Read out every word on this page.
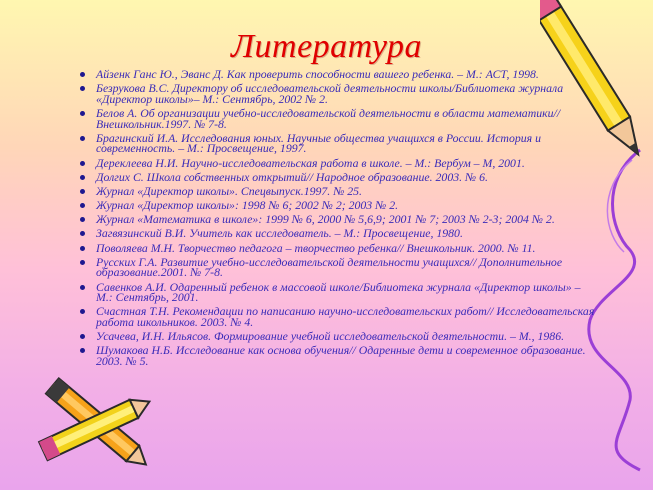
Литература
Айзенк Ганс Ю., Эванс Д. Как проверить способности вашего ребенка. – М.: АСТ, 1998.
Безрукова В.С. Директору об исследовательской деятельности школы/Библиотека журнала «Директор школы»– М.: Сентябрь, 2002 № 2.
Белов А. Об организации учебно-исследовательской деятельности в области математики// Внешкольник.1997. № 7-8.
Брагинский И.А. Исследования юных. Научные общества учащихся в России. История и современность. – М.: Просвещение, 1997.
Дереклеева Н.И. Научно-исследовательская работа в школе. – М.: Вербум – М, 2001.
Долгих С. Школа собственных открытий// Народное образование. 2003. № 6.
Журнал «Директор школы». Спецвыпуск.1997. № 25.
Журнал «Директор школы»: 1998 № 6; 2002 № 2; 2003 № 2.
Журнал «Математика в школе»: 1999 № 6, 2000 № 5,6,9; 2001 № 7; 2003 № 2-3; 2004 № 2.
Загвязинский В.И. Учитель как исследователь. – М.: Просвещение, 1980.
Поволяева М.Н. Творчество педагога – творчество ребенка// Внешкольник. 2000. № 11.
Русских Г.А. Развитие учебно-исследовательской деятельности учащихся// Дополнительное образование.2001. № 7-8.
Савенков А.И. Одаренный ребенок в массовой школе/Библиотека журнала «Директор школы» – М.: Сентябрь, 2001.
Счастная Т.Н. Рекомендации по написанию научно-исследовательских работ// Исследовательская работа школьников. 2003. № 4.
Усачева, И.Н. Ильясов. Формирование учебной исследовательской деятельности. – М., 1986.
Шумакова Н.Б. Исследование как основа обучения// Одаренные дети и современное образование. 2003. № 5.
